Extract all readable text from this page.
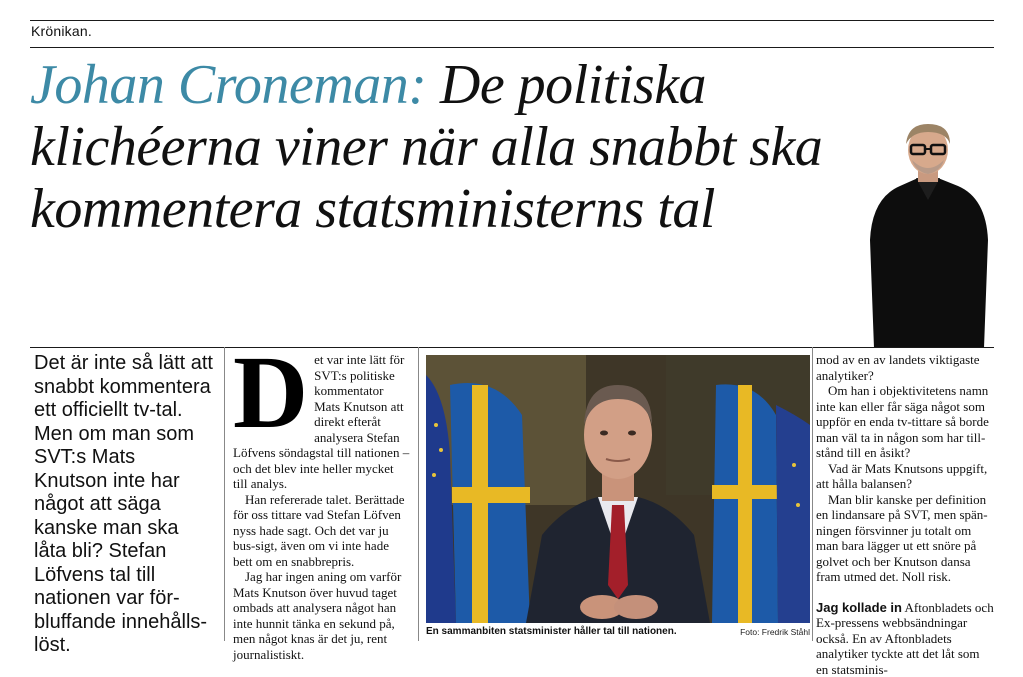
Krönikan.
Johan Croneman: De politiska klichéerna viner när alla snabbt ska kommentera statsministerns tal

Det är inte så lätt att snabbt kommentera ett officiellt tv-tal. Men om man som SVT:s Mats Knutson inte har något att säga kanske man ska låta bli? Stefan Löfvens tal till nationen var för-bluffande innehålls-löst.

D et var inte lätt för SVT:s politiske kommentator Mats Knutson att direkt efteråt analysera Stefan Löfvens söndagstal till nationen – och det blev inte heller mycket till analys.

Han refererade talet. Berättade för oss tittare vad Stefan Löfven nyss hade sagt. Och det var ju bus-sigt, även om vi inte hade bett om en snabbrepris.

Jag har ingen aning om varför Mats Knutson över huvud taget ombads att analysera något han inte hunnit tänka en sekund på, men något knas är det ju, rent journalistiskt.

En sammanbiten statsminister håller tal till nationen.	Foto: Fredrik Ståhl

mod av en av landets viktigaste analytiker?

Om han i objektivitetens namn inte kan eller får säga något som uppför en enda tv-tittare så borde man väl ta in någon som har till-stånd till en åsikt?

Vad är Mats Knutsons uppgift, att hålla balansen?

Man blir kanske per definition en lindansare på SVT, men spän-ningen försvinner ju totalt om man bara lägger ut ett snöre på golvet och ber Knutson dansa fram utmed det. Noll risk.

Jag kollade in Aftonbladets och Ex-pressens webbsändningar också. En av Aftonbladets analytiker tyckte att det låt som en statsminis-
